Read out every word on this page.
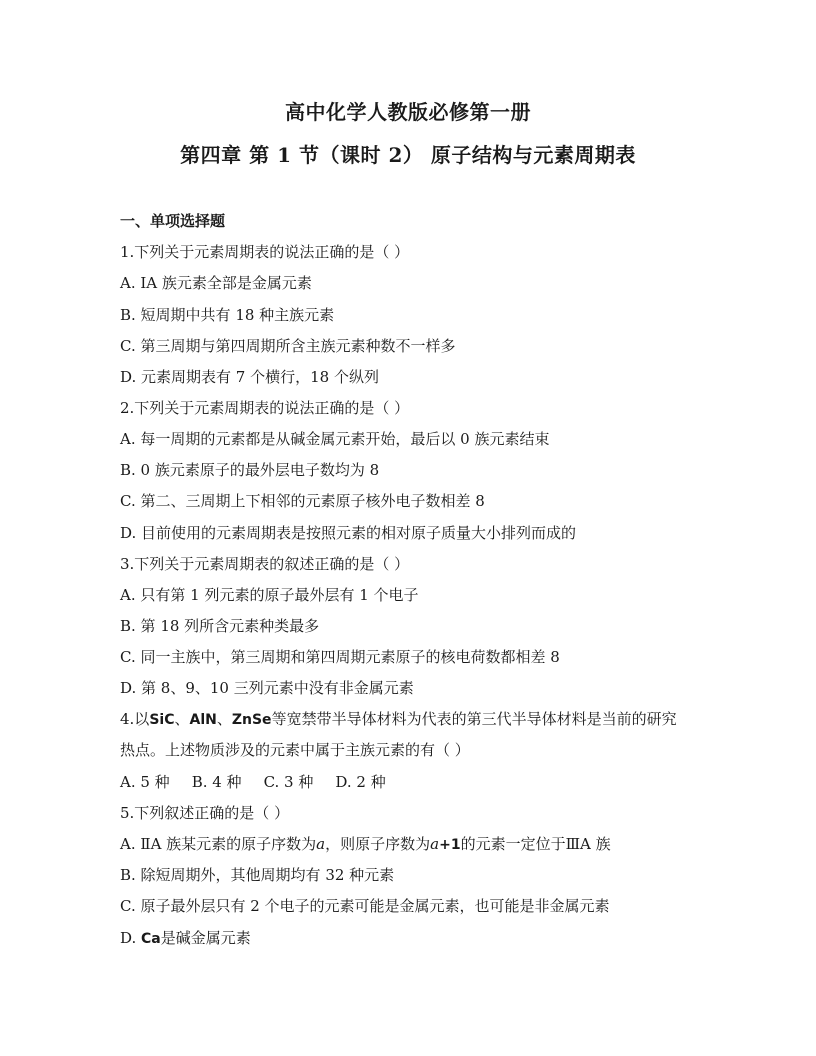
高中化学人教版必修第一册
第四章 第 1 节（课时 2） 原子结构与元素周期表
一、单项选择题
1.下列关于元素周期表的说法正确的是（ ）
A. ⅠA 族元素全部是金属元素
B. 短周期中共有 18 种主族元素
C. 第三周期与第四周期所含主族元素种数不一样多
D. 元素周期表有 7 个横行，18 个纵列
2.下列关于元素周期表的说法正确的是（ ）
A. 每一周期的元素都是从碱金属元素开始，最后以 0 族元素结束
B. 0 族元素原子的最外层电子数均为 8
C. 第二、三周期上下相邻的元素原子核外电子数相差 8
D. 目前使用的元素周期表是按照元素的相对原子质量大小排列而成的
3.下列关于元素周期表的叙述正确的是（ ）
A. 只有第 1 列元素的原子最外层有 1 个电子
B. 第 18 列所含元素种类最多
C. 同一主族中，第三周期和第四周期元素原子的核电荷数都相差 8
D. 第 8、9、10 三列元素中没有非金属元素
4.以SiC、AlN、ZnSe等宽禁带半导体材料为代表的第三代半导体材料是当前的研究
热点。上述物质涉及的元素中属于主族元素的有（ ）
A. 5 种 B. 4 种 C. 3 种 D. 2 种
5.下列叙述正确的是（ ）
A. ⅡA 族某元素的原子序数为a，则原子序数为a+1的元素一定位于ⅢA 族
B. 除短周期外，其他周期均有 32 种元素
C. 原子最外层只有 2 个电子的元素可能是金属元素，也可能是非金属元素
D. Ca是碱金属元素
